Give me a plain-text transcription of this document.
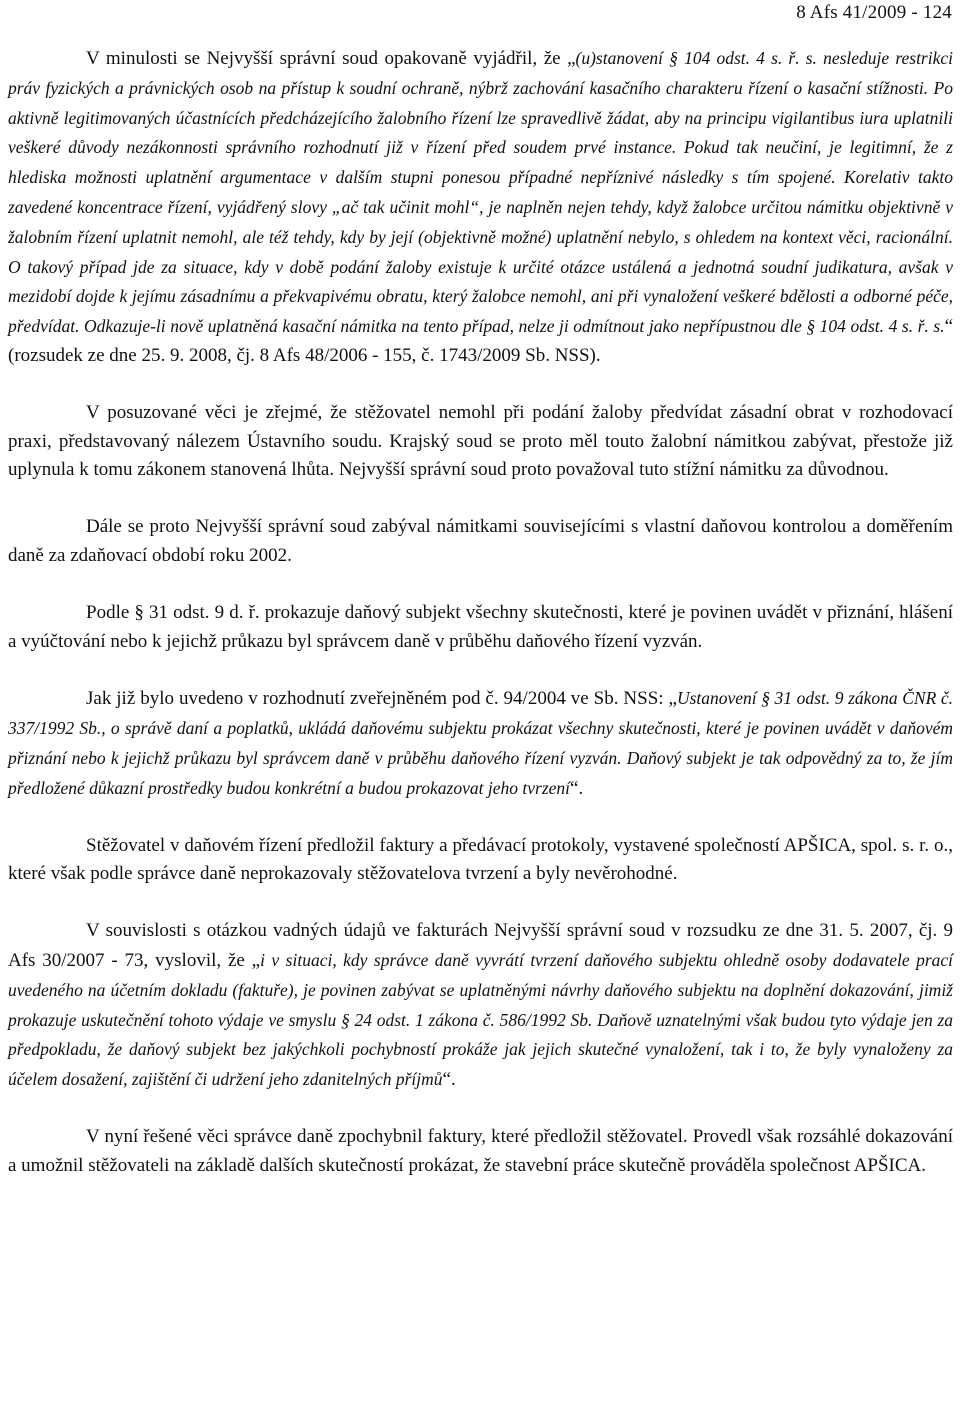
8 Afs 41/2009 - 124

V minulosti se Nejvyšší správní soud opakovaně vyjádřil, že „(u)stanovení § 104 odst. 4 s. ř. s. nesleduje restrikci práv fyzických a právnických osob na přístup k soudní ochraně, nýbrž zachování kasačního charakteru řízení o kasační stížnosti. Po aktivně legitimovaných účastnících předcházejícího žalobního řízení lze spravedlivě žádat, aby na principu vigilantibus iura uplatnili veškeré důvody nezákonnosti správního rozhodnutí již v řízení před soudem prvé instance. Pokud tak neučiní, je legitimní, že z hlediska možnosti uplatnění argumentace v dalším stupni ponesou případné nepříznivé následky s tím spojené. Korelativ takto zavedené koncentrace řízení, vyjádřený slovy „ač tak učinit mohl“, je naplněn nejen tehdy, když žalobce určitou námitku objektivně v žalobním řízení uplatnit nemohl, ale též tehdy, kdy by její (objektivně možné) uplatnění nebylo, s ohledem na kontext věci, racionální. O takový případ jde za situace, kdy v době podání žaloby existuje k určité otázce ustálená a jednotná soudní judikatura, avšak v mezidobí dojde k jejímu zásadnímu a překvapivému obratu, který žalobce nemohl, ani při vynaložení veškeré bdělosti a odborné péče, předvídat. Odkazuje-li nově uplatněná kasační námitka na tento případ, nelze ji odmítnout jako nepřípustnou dle § 104 odst. 4 s. ř. s.“ (rozsudek ze dne 25. 9. 2008, čj. 8 Afs 48/2006 - 155, č. 1743/2009 Sb. NSS).

V posuzované věci je zřejmé, že stěžovatel nemohl při podání žaloby předvídat zásadní obrat v rozhodovací praxi, představovaný nálezem Ústavního soudu. Krajský soud se proto měl touto žalobní námitkou zabývat, přestože již uplynula k tomu zákonem stanovená lhůta. Nejvyšší správní soud proto považoval tuto stížní námitku za důvodnou.

Dále se proto Nejvyšší správní soud zabýval námitkami souvisejícími s vlastní daňovou kontrolou a doměřením daně za zdaňovací období roku 2002.

Podle § 31 odst. 9 d. ř. prokazuje daňový subjekt všechny skutečnosti, které je povinen uvádět v přiznání, hlášení a vyúčtování nebo k jejichž průkazu byl správcem daně v průběhu daňového řízení vyzván.

Jak již bylo uvedeno v rozhodnutí zveřejněném pod č. 94/2004 ve Sb. NSS: „Ustanovení § 31 odst. 9 zákona ČNR č. 337/1992 Sb., o správě daní a poplatků, ukládá daňovému subjektu prokázat všechny skutečnosti, které je povinen uvádět v daňovém přiznání nebo k jejichž průkazu byl správcem daně v průběhu daňového řízení vyzván. Daňový subjekt je tak odpovědný za to, že jím předložené důkazní prostředky budou konkrétní a budou prokazovat jeho tvrzení“.

Stěžovatel v daňovém řízení předložil faktury a předávací protokoly, vystavené společností APŠICA, spol. s. r. o., které však podle správce daně neprokazovaly stěžovatelova tvrzení a byly nevěrohodné.

V souvislosti s otázkou vadných údajů ve fakturách Nejvyšší správní soud v rozsudku ze dne 31. 5. 2007, čj. 9 Afs 30/2007 - 73, vyslovil, že „i v situaci, kdy správce daně vyvrátí tvrzení daňového subjektu ohledně osoby dodavatele prací uvedeného na účetním dokladu (faktuře), je povinen zabývat se uplatněnými návrhy daňového subjektu na doplnění dokazování, jimiž prokazuje uskutečnění tohoto výdaje ve smyslu § 24 odst. 1 zákona č. 586/1992 Sb. Daňově uznatelnými však budou tyto výdaje jen za předpokladu, že daňový subjekt bez jakýchkoli pochybností prokáže jak jejich skutečné vynaložení, tak i to, že byly vynaloženy za účelem dosažení, zajištění či udržení jeho zdanitelných příjmů“.

V nyní řešené věci správce daně zpochybnil faktury, které předložil stěžovatel. Provedl však rozsáhlé dokazování a umožnil stěžovateli na základě dalších skutečností prokázat, že stavební práce skutečně prováděla společnost APŠICA.
